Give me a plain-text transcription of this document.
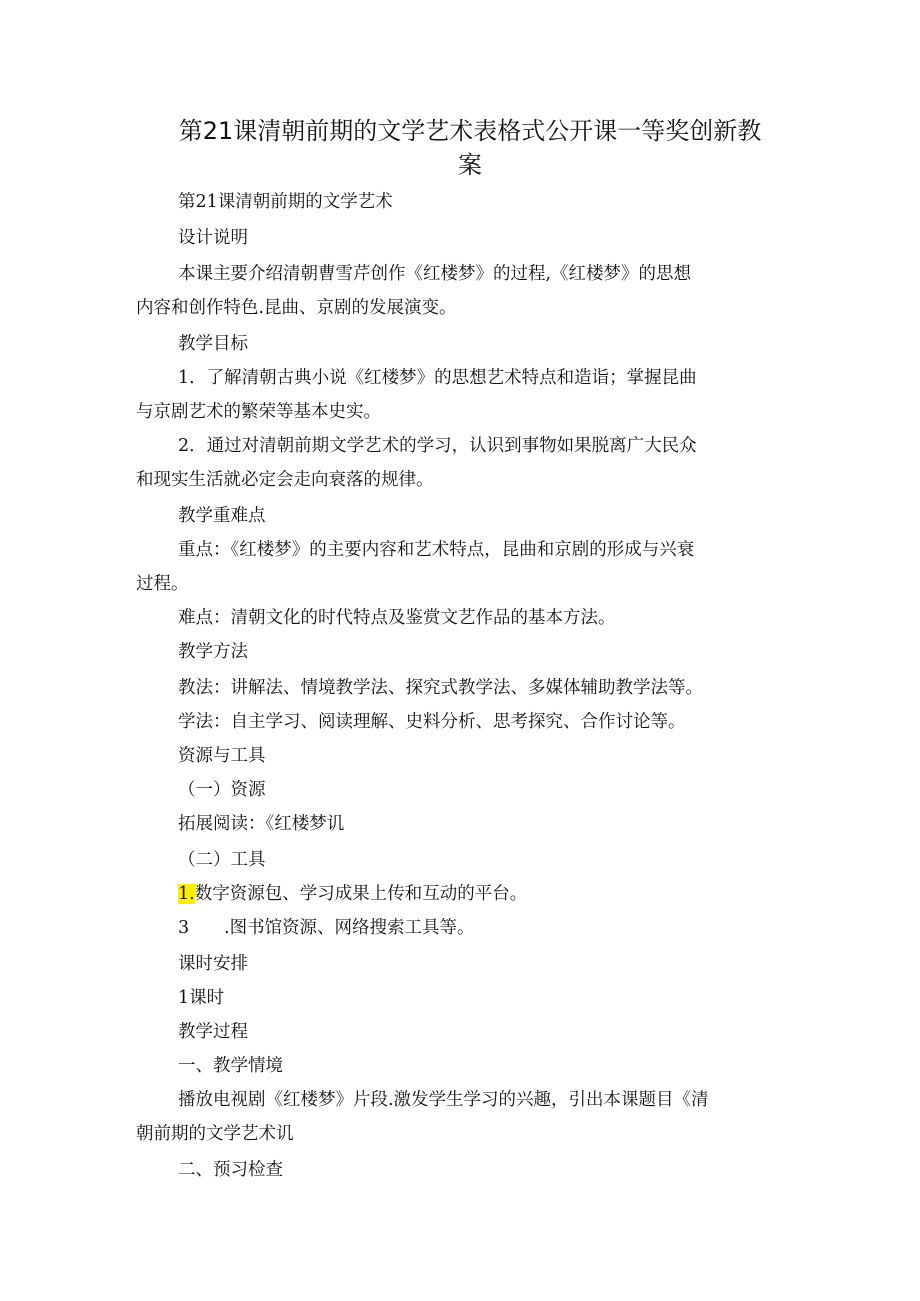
第21课清朝前期的文学艺术表格式公开课一等奖创新教
案
第21课清朝前期的文学艺术
设计说明
本课主要介绍清朝曹雪芹创作《红楼梦》的过程,《红楼梦》的思想
内容和创作特色.昆曲、京剧的发展演变。
教学目标
1．了解清朝古典小说《红楼梦》的思想艺术特点和造诣；掌握昆曲
与京剧艺术的繁荣等基本史实。
2．通过对清朝前期文学艺术的学习，认识到事物如果脱离广大民众
和现实生活就必定会走向衰落的规律。
教学重难点
重点：《红楼梦》的主要内容和艺术特点，昆曲和京剧的形成与兴衰
过程。
难点：清朝文化的时代特点及鉴赏文艺作品的基本方法。
教学方法
教法：讲解法、情境教学法、探究式教学法、多媒体辅助教学法等。
学法：自主学习、阅读理解、史料分析、思考探究、合作讨论等。
资源与工具
（一）资源
拓展阅读：《红楼梦讥
（二）工具
1.数字资源包、学习成果上传和互动的平台。
3 .图书馆资源、网络搜索工具等。
课时安排
1课时
教学过程
一、教学情境
播放电视剧《红楼梦》片段.激发学生学习的兴趣，引出本课题目《清
朝前期的文学艺术讥
二、预习检查
